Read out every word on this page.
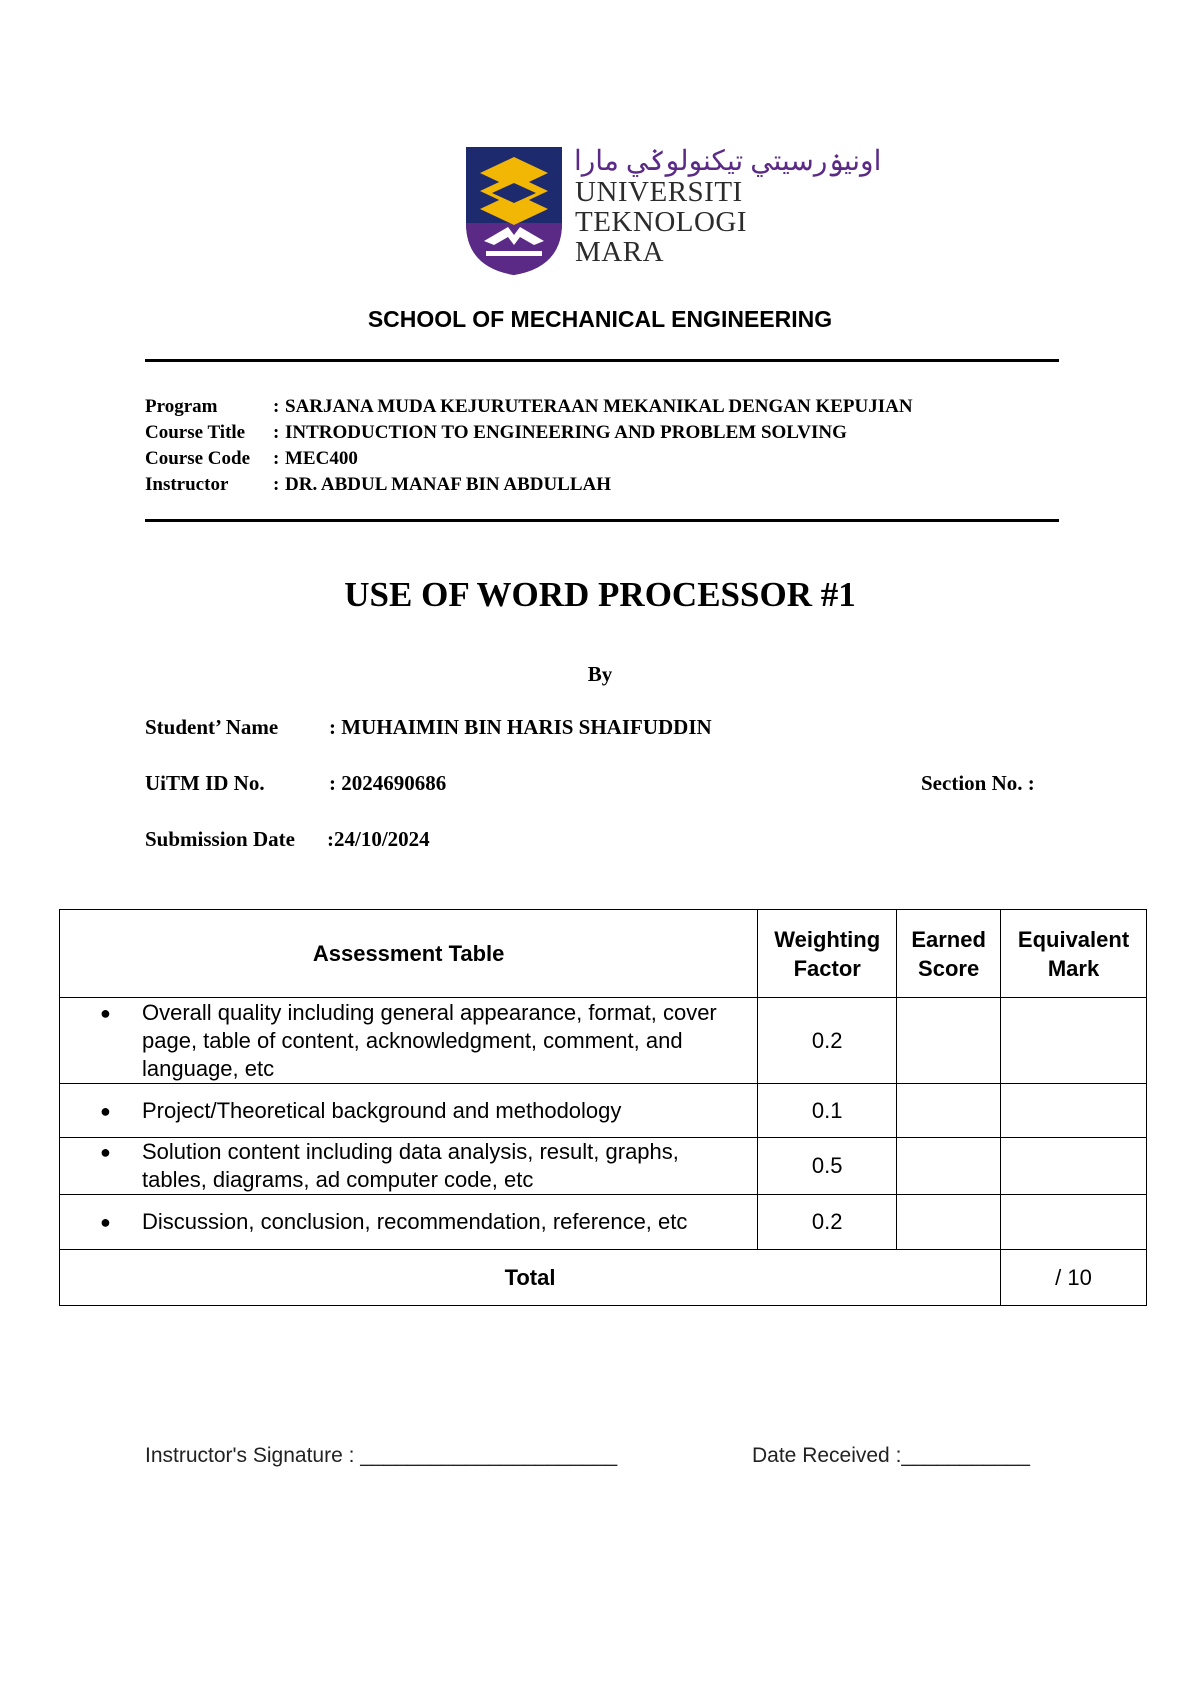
اونيۏرسيتي تيكنولوݢي مارا
UNIVERSITI
TEKNOLOGI
MARA
SCHOOL OF MECHANICAL ENGINEERING
Program	: SARJANA MUDA KEJURUTERAAN MEKANIKAL DENGAN KEPUJIAN
Course Title	: INTRODUCTION TO ENGINEERING AND PROBLEM SOLVING
Course Code	: MEC400
Instructor	: DR. ABDUL MANAF BIN ABDULLAH
USE OF WORD PROCESSOR #1
By
Student’ Name : MUHAIMIN BIN HARIS SHAIFUDDIN
UiTM ID No.	: 2024690686	Section No. :
Submission Date :24/10/2024
Assessment Table	Weighting Factor	Earned Score	Equivalent Mark

● Overall quality including general appearance, format, cover page, table of content, acknowledgment, comment, and language, etc	0.2		

● Project/Theoretical background and methodology	0.1		

● Solution content including data analysis, result, graphs, tables, diagrams, ad computer code, etc	0.5		

● Discussion, conclusion, recommendation, reference, etc	0.2		
Total			/ 10
Instructor's Signature : ______________________	Date Received :___________
